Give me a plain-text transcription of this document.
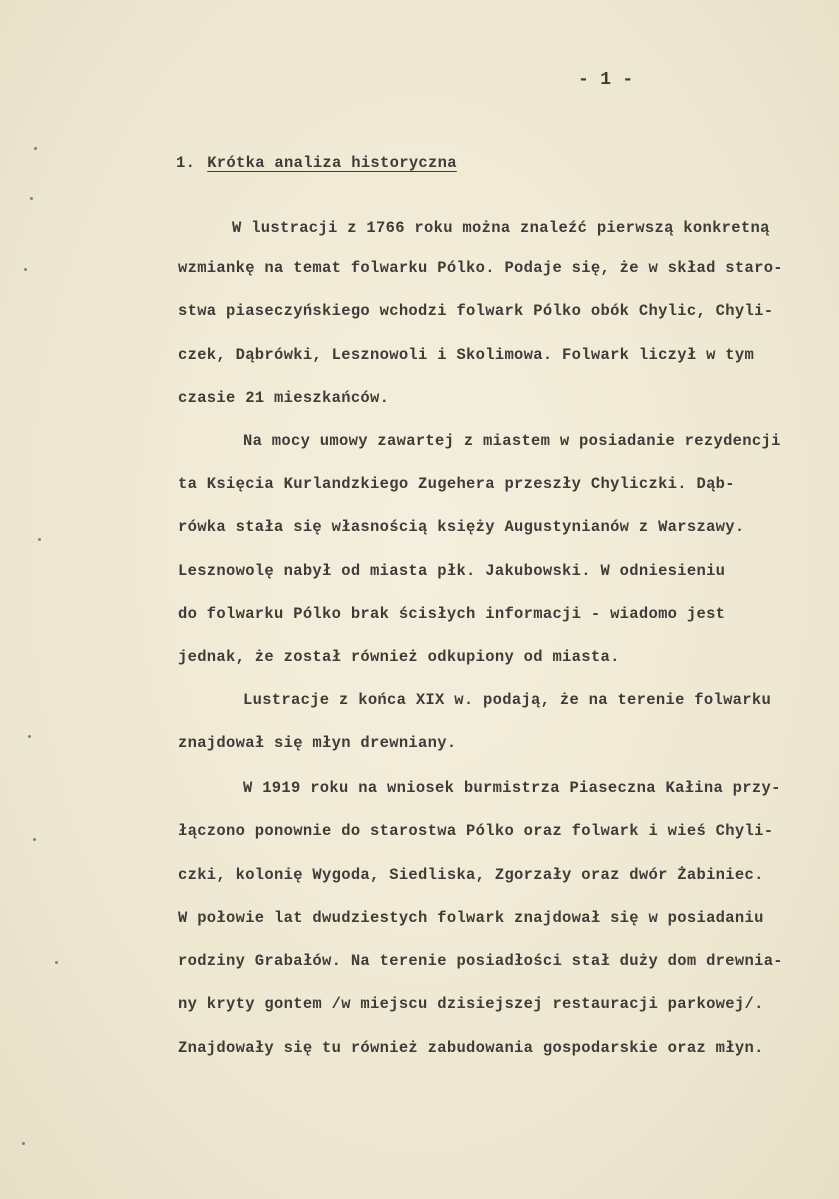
- 1 -
1. Krótka analiza historyczna
W lustracji z 1766 roku można znaleźć pierwszą konkretną
wzmiankę na temat folwarku Pólko. Podaje się, że w skład staro-
stwa piaseczyńskiego wchodzi folwark Pólko obók Chylic, Chyli-
czek, Dąbrówki, Lesznowoli i Skolimowa. Folwark liczył w tym
czasie 21 mieszkańców.
Na mocy umowy zawartej z miastem w posiadanie rezydencji
ta Księcia Kurlandzkiego Zugehera przeszły Chyliczki. Dąb-
rówka stała się własnością księży Augustynianów z Warszawy.
Lesznowolę nabył od miasta płk. Jakubowski. W odniesieniu
do folwarku Pólko brak ścisłych informacji - wiadomo jest
jednak, że został również odkupiony od miasta.
Lustracje z końca XIX w. podają, że na terenie folwarku
znajdował się młyn drewniany.
W 1919 roku na wniosek burmistrza Piaseczna Kałina przy-
łączono ponownie do starostwa Pólko oraz folwark i wieś Chyli-
czki, kolonię Wygoda, Siedliska, Zgorzały oraz dwór Żabiniec.
W połowie lat dwudziestych folwark znajdował się w posiadaniu
rodziny Grabałów. Na terenie posiadłości stał duży dom drewnia-
ny kryty gontem /w miejscu dzisiejszej restauracji parkowej/.
Znajdowały się tu również zabudowania gospodarskie oraz młyn.
